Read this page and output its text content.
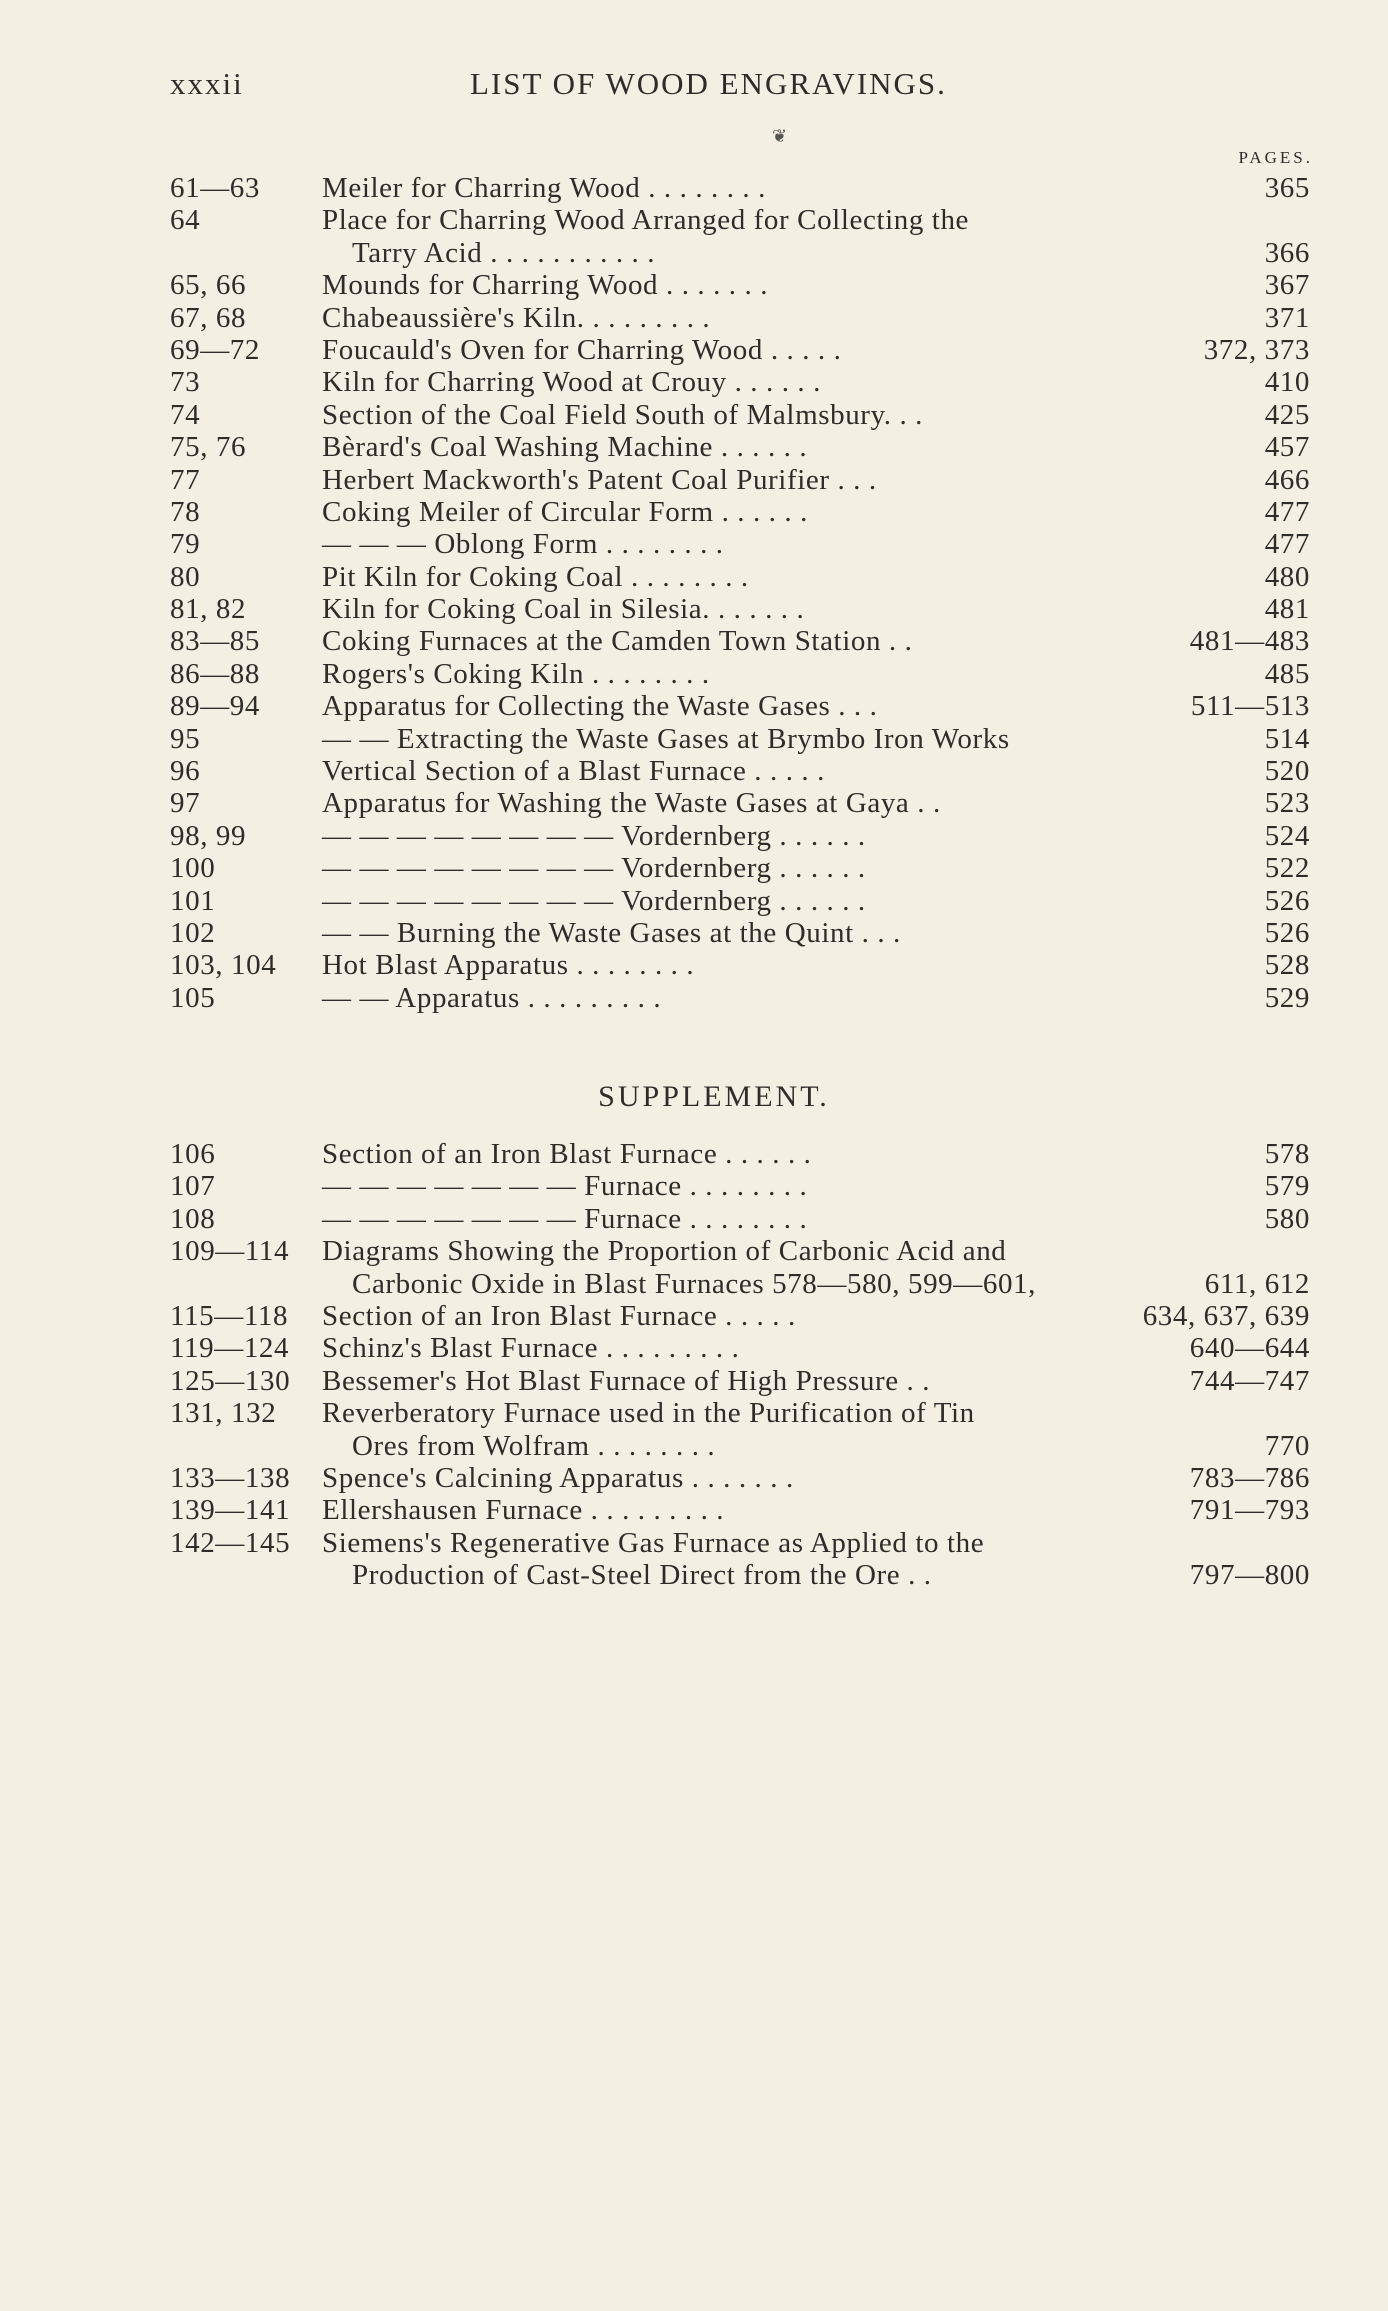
xxxii	LIST OF WOOD ENGRAVINGS.
❦
PAGES.
61—63	Meiler for Charring Wood . . . . . . . .	365
64	Place for Charring Wood Arranged for Collecting the
Tarry Acid . . . . . . . . . . .	366
65, 66	Mounds for Charring Wood . . . . . . .	367
67, 68	Chabeaussière's Kiln. . . . . . . . .	371
69—72	Foucauld's Oven for Charring Wood . . . . .	372, 373
73	Kiln for Charring Wood at Crouy . . . . . .	410
74	Section of the Coal Field South of Malmsbury. . .	425
75, 76	Bèrard's Coal Washing Machine . . . . . .	457
77	Herbert Mackworth's Patent Coal Purifier . . .	466
78	Coking Meiler of Circular Form . . . . . .	477
79	— — — Oblong Form . . . . . . . .	477
80	Pit Kiln for Coking Coal . . . . . . . .	480
81, 82	Kiln for Coking Coal in Silesia. . . . . . .	481
83—85	Coking Furnaces at the Camden Town Station . .	481—483
86—88	Rogers's Coking Kiln . . . . . . . .	485
89—94	Apparatus for Collecting the Waste Gases . . .	511—513
95	— — Extracting the Waste Gases at Brymbo Iron Works	514
96	Vertical Section of a Blast Furnace . . . . .	520
97	Apparatus for Washing the Waste Gases at Gaya . .	523
98, 99	— — — — — — — — Vordernberg . . . . . .	524
100	— — — — — — — — Vordernberg . . . . . .	522
101	— — — — — — — — Vordernberg . . . . . .	526
102	— — Burning the Waste Gases at the Quint . . .	526
103, 104	Hot Blast Apparatus . . . . . . . .	528
105	— — Apparatus . . . . . . . . .	529
SUPPLEMENT.
106	Section of an Iron Blast Furnace . . . . . .	578
107	— — — — — — — Furnace . . . . . . . .	579
108	— — — — — — — Furnace . . . . . . . .	580
109—114	Diagrams Showing the Proportion of Carbonic Acid and
Carbonic Oxide in Blast Furnaces 578—580, 599—601,	611, 612
115—118	Section of an Iron Blast Furnace . . . . .	634, 637, 639
119—124	Schinz's Blast Furnace . . . . . . . . .	640—644
125—130	Bessemer's Hot Blast Furnace of High Pressure . .	744—747
131, 132	Reverberatory Furnace used in the Purification of Tin
Ores from Wolfram . . . . . . . .	770
133—138	Spence's Calcining Apparatus . . . . . . .	783—786
139—141	Ellershausen Furnace . . . . . . . . .	791—793
142—145	Siemens's Regenerative Gas Furnace as Applied to the
Production of Cast-Steel Direct from the Ore . .	797—800
